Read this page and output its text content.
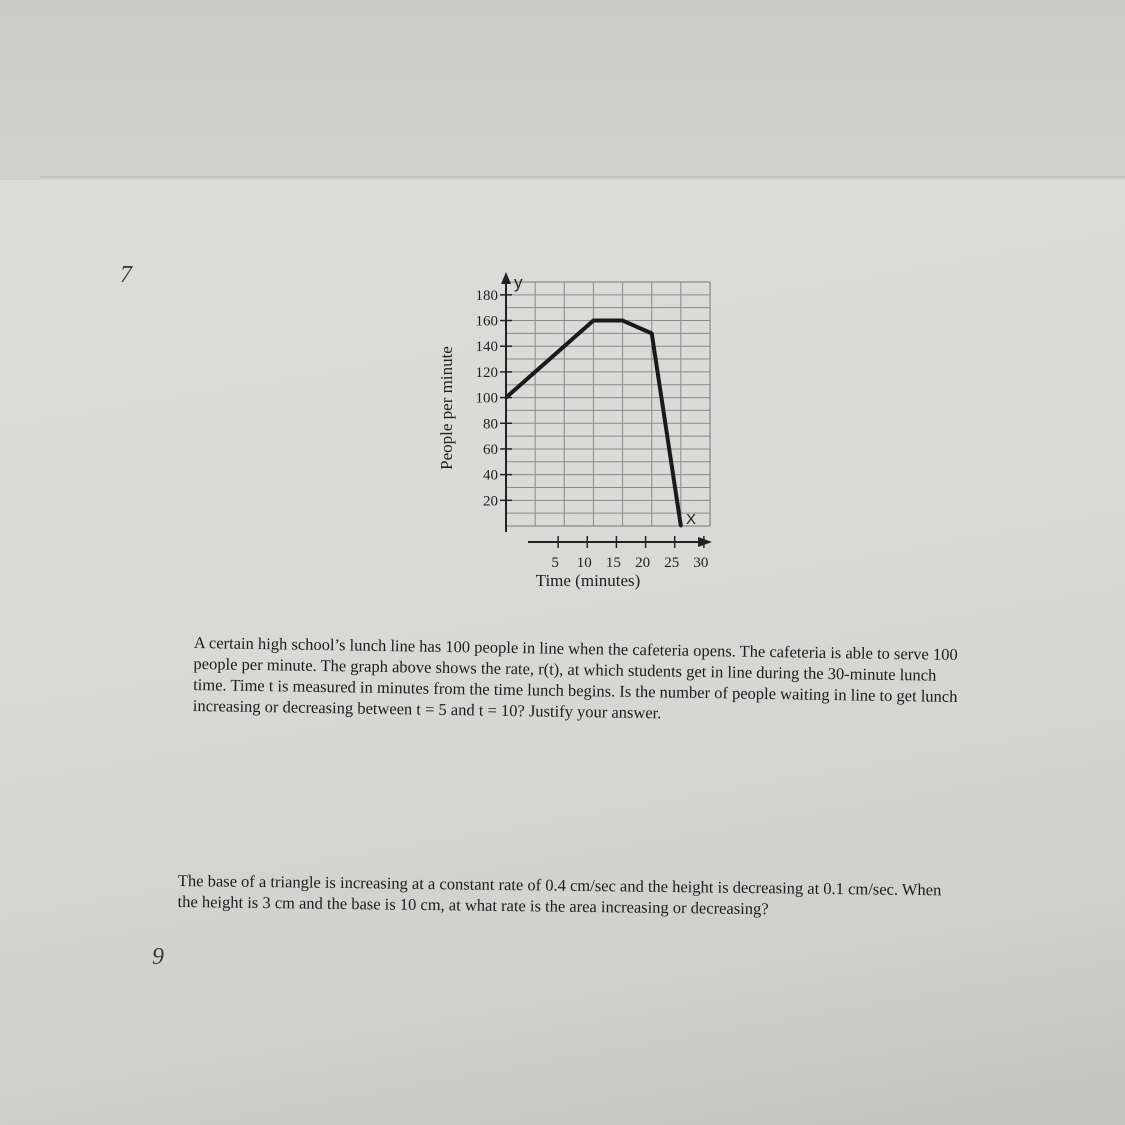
7
20
40
60
80
100
120
140
160
180
5 10 15 20 25 30
y
X
Time (minutes)
People per minute

A certain high school’s lunch line has 100 people in line when the cafeteria opens. The cafeteria is able to serve 100 people per minute. The graph above shows the rate, r(t), at which students get in line during the 30-minute lunch time. Time t is measured in minutes from the time lunch begins. Is the number of people waiting in line to get lunch increasing or decreasing between t = 5 and t = 10? Justify your answer.

The base of a triangle is increasing at a constant rate of 0.4 cm/sec and the height is decreasing at 0.1 cm/sec. When the height is 3 cm and the base is 10 cm, at what rate is the area increasing or decreasing?

9
